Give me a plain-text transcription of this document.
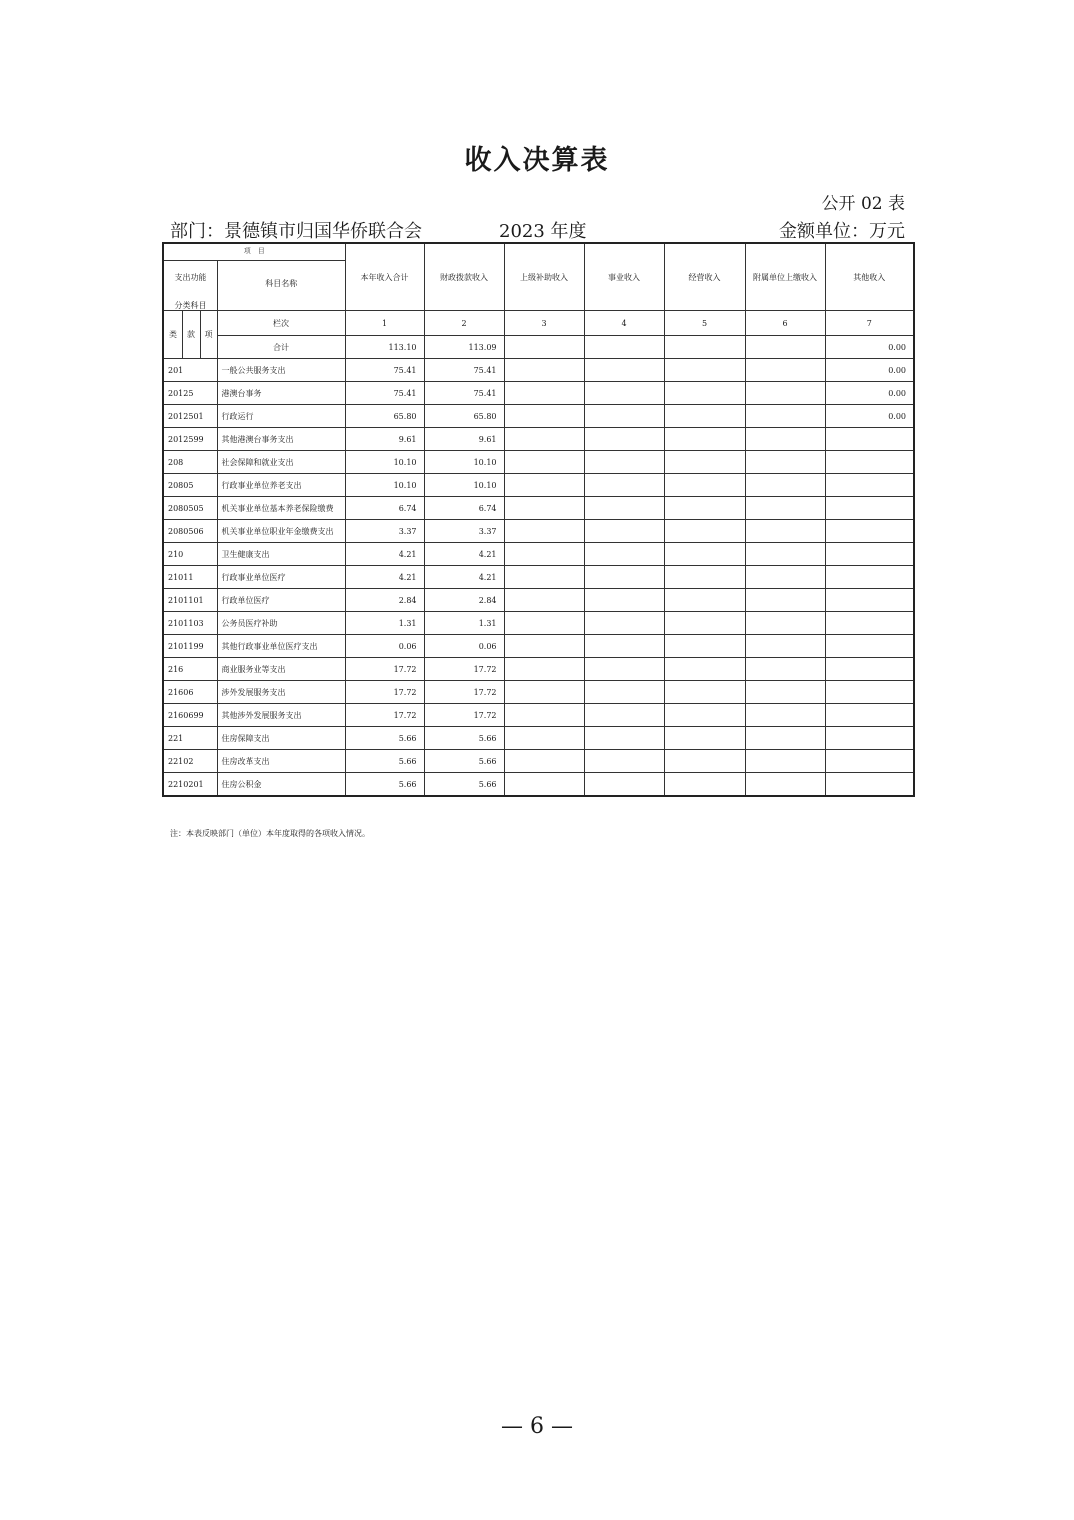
收入决算表
公开 02 表
部门：景德镇市归国华侨联合会	2023 年度	金额单位：万元
项　目
支出功能
分类科目
科目名称		本年收入合计	财政拨款收入	上级补助收入	事业收入	经营收入	附属单位上缴收入	其他收入

类 款 项	栏次	1	2	3	4	5	6	7
	合计	113.10	113.09					0.00
201	一般公共服务支出	75.41	75.41					0.00
20125	港澳台事务	75.41	75.41					0.00
2012501	行政运行	65.80	65.80					0.00
2012599	其他港澳台事务支出	9.61	9.61					
208	社会保障和就业支出	10.10	10.10					
20805	行政事业单位养老支出	10.10	10.10					
2080505	机关事业单位基本养老保险缴费	6.74	6.74					
2080506	机关事业单位职业年金缴费支出	3.37	3.37					
210	卫生健康支出	4.21	4.21					
21011	行政事业单位医疗	4.21	4.21					
2101101	行政单位医疗	2.84	2.84					
2101103	公务员医疗补助	1.31	1.31					
2101199	其他行政事业单位医疗支出	0.06	0.06					
216	商业服务业等支出	17.72	17.72					
21606	涉外发展服务支出	17.72	17.72					
2160699	其他涉外发展服务支出	17.72	17.72					
221	住房保障支出	5.66	5.66					
22102	住房改革支出	5.66	5.66					
2210201	住房公积金	5.66	5.66					
注：本表反映部门（单位）本年度取得的各项收入情况。
— 6 —
